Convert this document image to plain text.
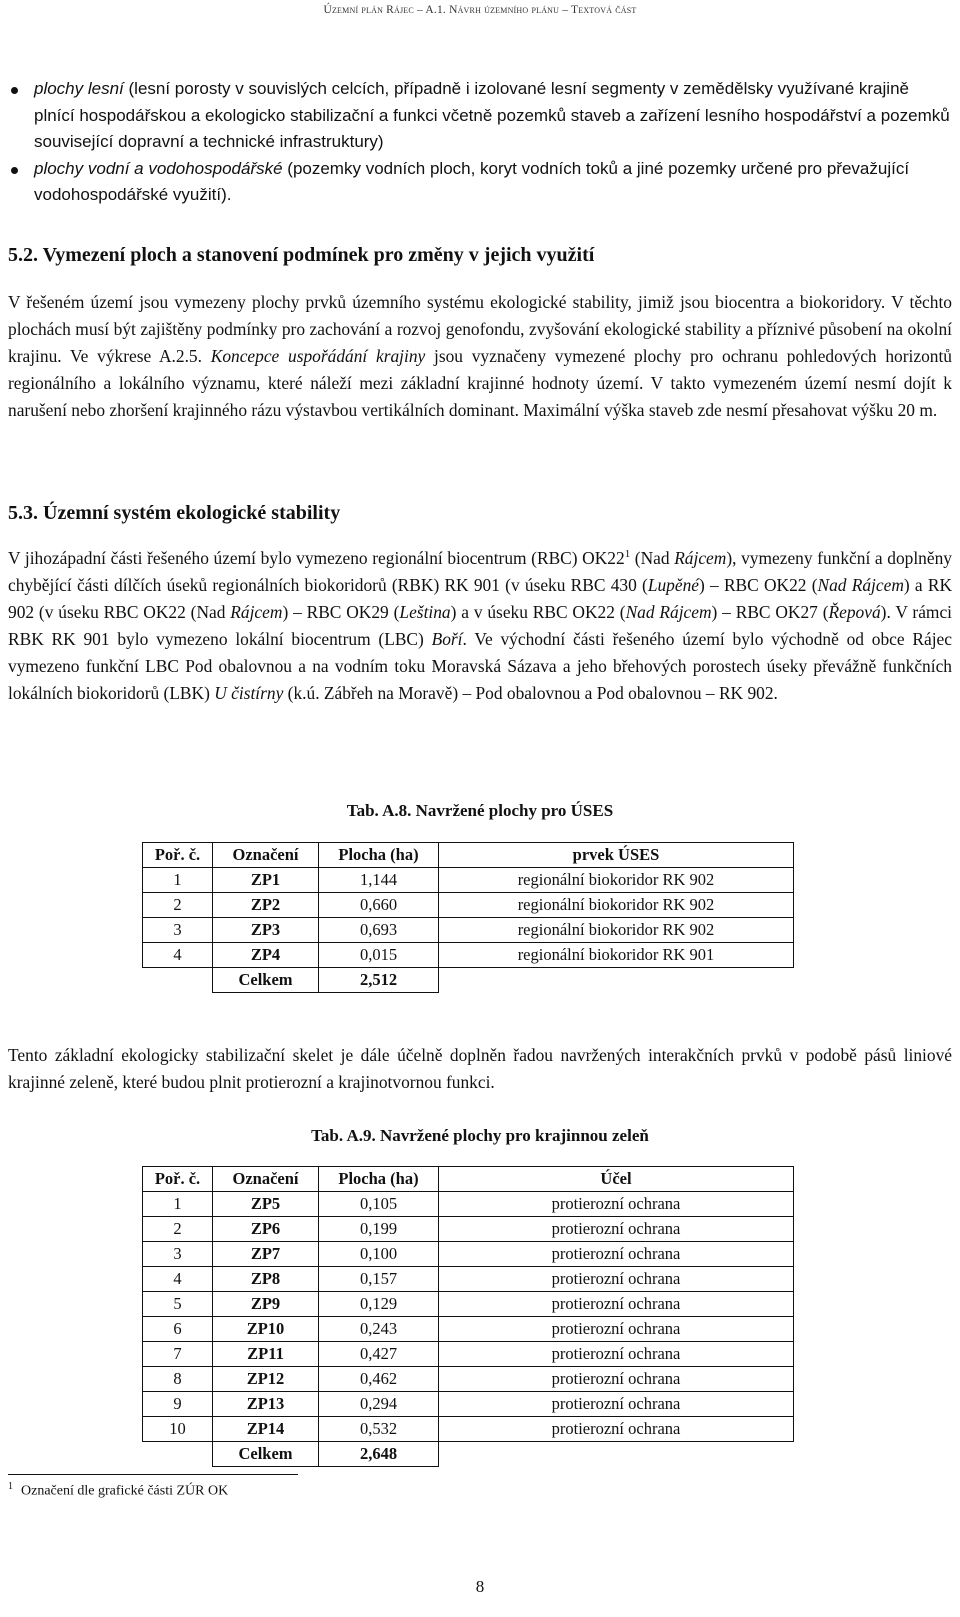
Územní plán Rájec – A.1. Návrh územního plánu – Textová část
plochy lesní (lesní porosty v souvislých celcích, případně i izolované lesní segmenty v zemědělsky využívané krajině plnící hospodářskou a ekologicko stabilizační a funkci včetně pozemků staveb a zařízení lesního hospodářství a pozemků související dopravní a technické infrastruktury)
plochy vodní a vodohospodářské (pozemky vodních ploch, koryt vodních toků a jiné pozemky určené pro převažující vodohospodářské využití).
5.2. Vymezení ploch a stanovení podmínek pro změny v jejich využití

V řešeném území jsou vymezeny plochy prvků územního systému ekologické stability, jimiž jsou biocentra a biokoridory. V těchto plochách musí být zajištěny podmínky pro zachování a rozvoj genofondu, zvyšování ekologické stability a příznivé působení na okolní krajinu. Ve výkrese A.2.5. Koncepce uspořádání krajiny jsou vyznačeny vymezené plochy pro ochranu pohledových horizontů regionálního a lokálního významu, které náleží mezi základní krajinné hodnoty území. V takto vymezeném území nesmí dojít k narušení nebo zhoršení krajinného rázu výstavbou vertikálních dominant. Maximální výška staveb zde nesmí přesahovat výšku 20 m.

5.3. Územní systém ekologické stability

V jihozápadní části řešeného území bylo vymezeno regionální biocentrum (RBC) $OK22^1$ (Nad Rájcem), vymezeny funkční a doplněny chybějící části dílčích úseků regionálních biokoridorů (RBK) RK 901 (v úseku RBC 430 (Lupěné) – RBC OK22 (Nad Rájcem) a RK 902 (v úseku RBC OK22 (Nad Rájcem) – RBC OK29 (Leština) a v úseku RBC OK22 (Nad Rájcem) – RBC OK27 (Řepová). V rámci RBK RK 901 bylo vymezeno lokální biocentrum (LBC) Boří. Ve východní části řešeného území bylo východně od obce Rájec vymezeno funkční LBC Pod obalovnou a na vodním toku Moravská Sázava a jeho břehových porostech úseky převážně funkčních lokálních biokoridorů (LBK) U čistírny (k.ú. Zábřeh na Moravě) – Pod obalovnou a Pod obalovnou – RK 902.

Tab. A.8. Navržené plochy pro ÚSES
Poř. č.	Označení	Plocha (ha)	prvek ÚSES
1	ZP1	1,144	regionální biokoridor RK 902
2	ZP2	0,660	regionální biokoridor RK 902
3	ZP3	0,693	regionální biokoridor RK 902
4	ZP4	0,015	regionální biokoridor RK 901
	Celkem	2,512	

Tento základní ekologicky stabilizační skelet je dále účelně doplněn řadou navržených interakčních prvků v podobě pásů liniové krajinné zeleně, které budou plnit protierozní a krajinotvornou funkci.

Tab. A.9. Navržené plochy pro krajinnou zeleň
Poř. č.	Označení	Plocha (ha)	Účel
1	ZP5	0,105	protierozní ochrana
2	ZP6	0,199	protierozní ochrana
3	ZP7	0,100	protierozní ochrana
4	ZP8	0,157	protierozní ochrana
5	ZP9	0,129	protierozní ochrana
6	ZP10	0,243	protierozní ochrana
7	ZP11	0,427	protierozní ochrana
8	ZP12	0,462	protierozní ochrana
9	ZP13	0,294	protierozní ochrana
10	ZP14	0,532	protierozní ochrana
	Celkem	2,648	
$^1$ Označení dle grafické části ZÚR OK
8
